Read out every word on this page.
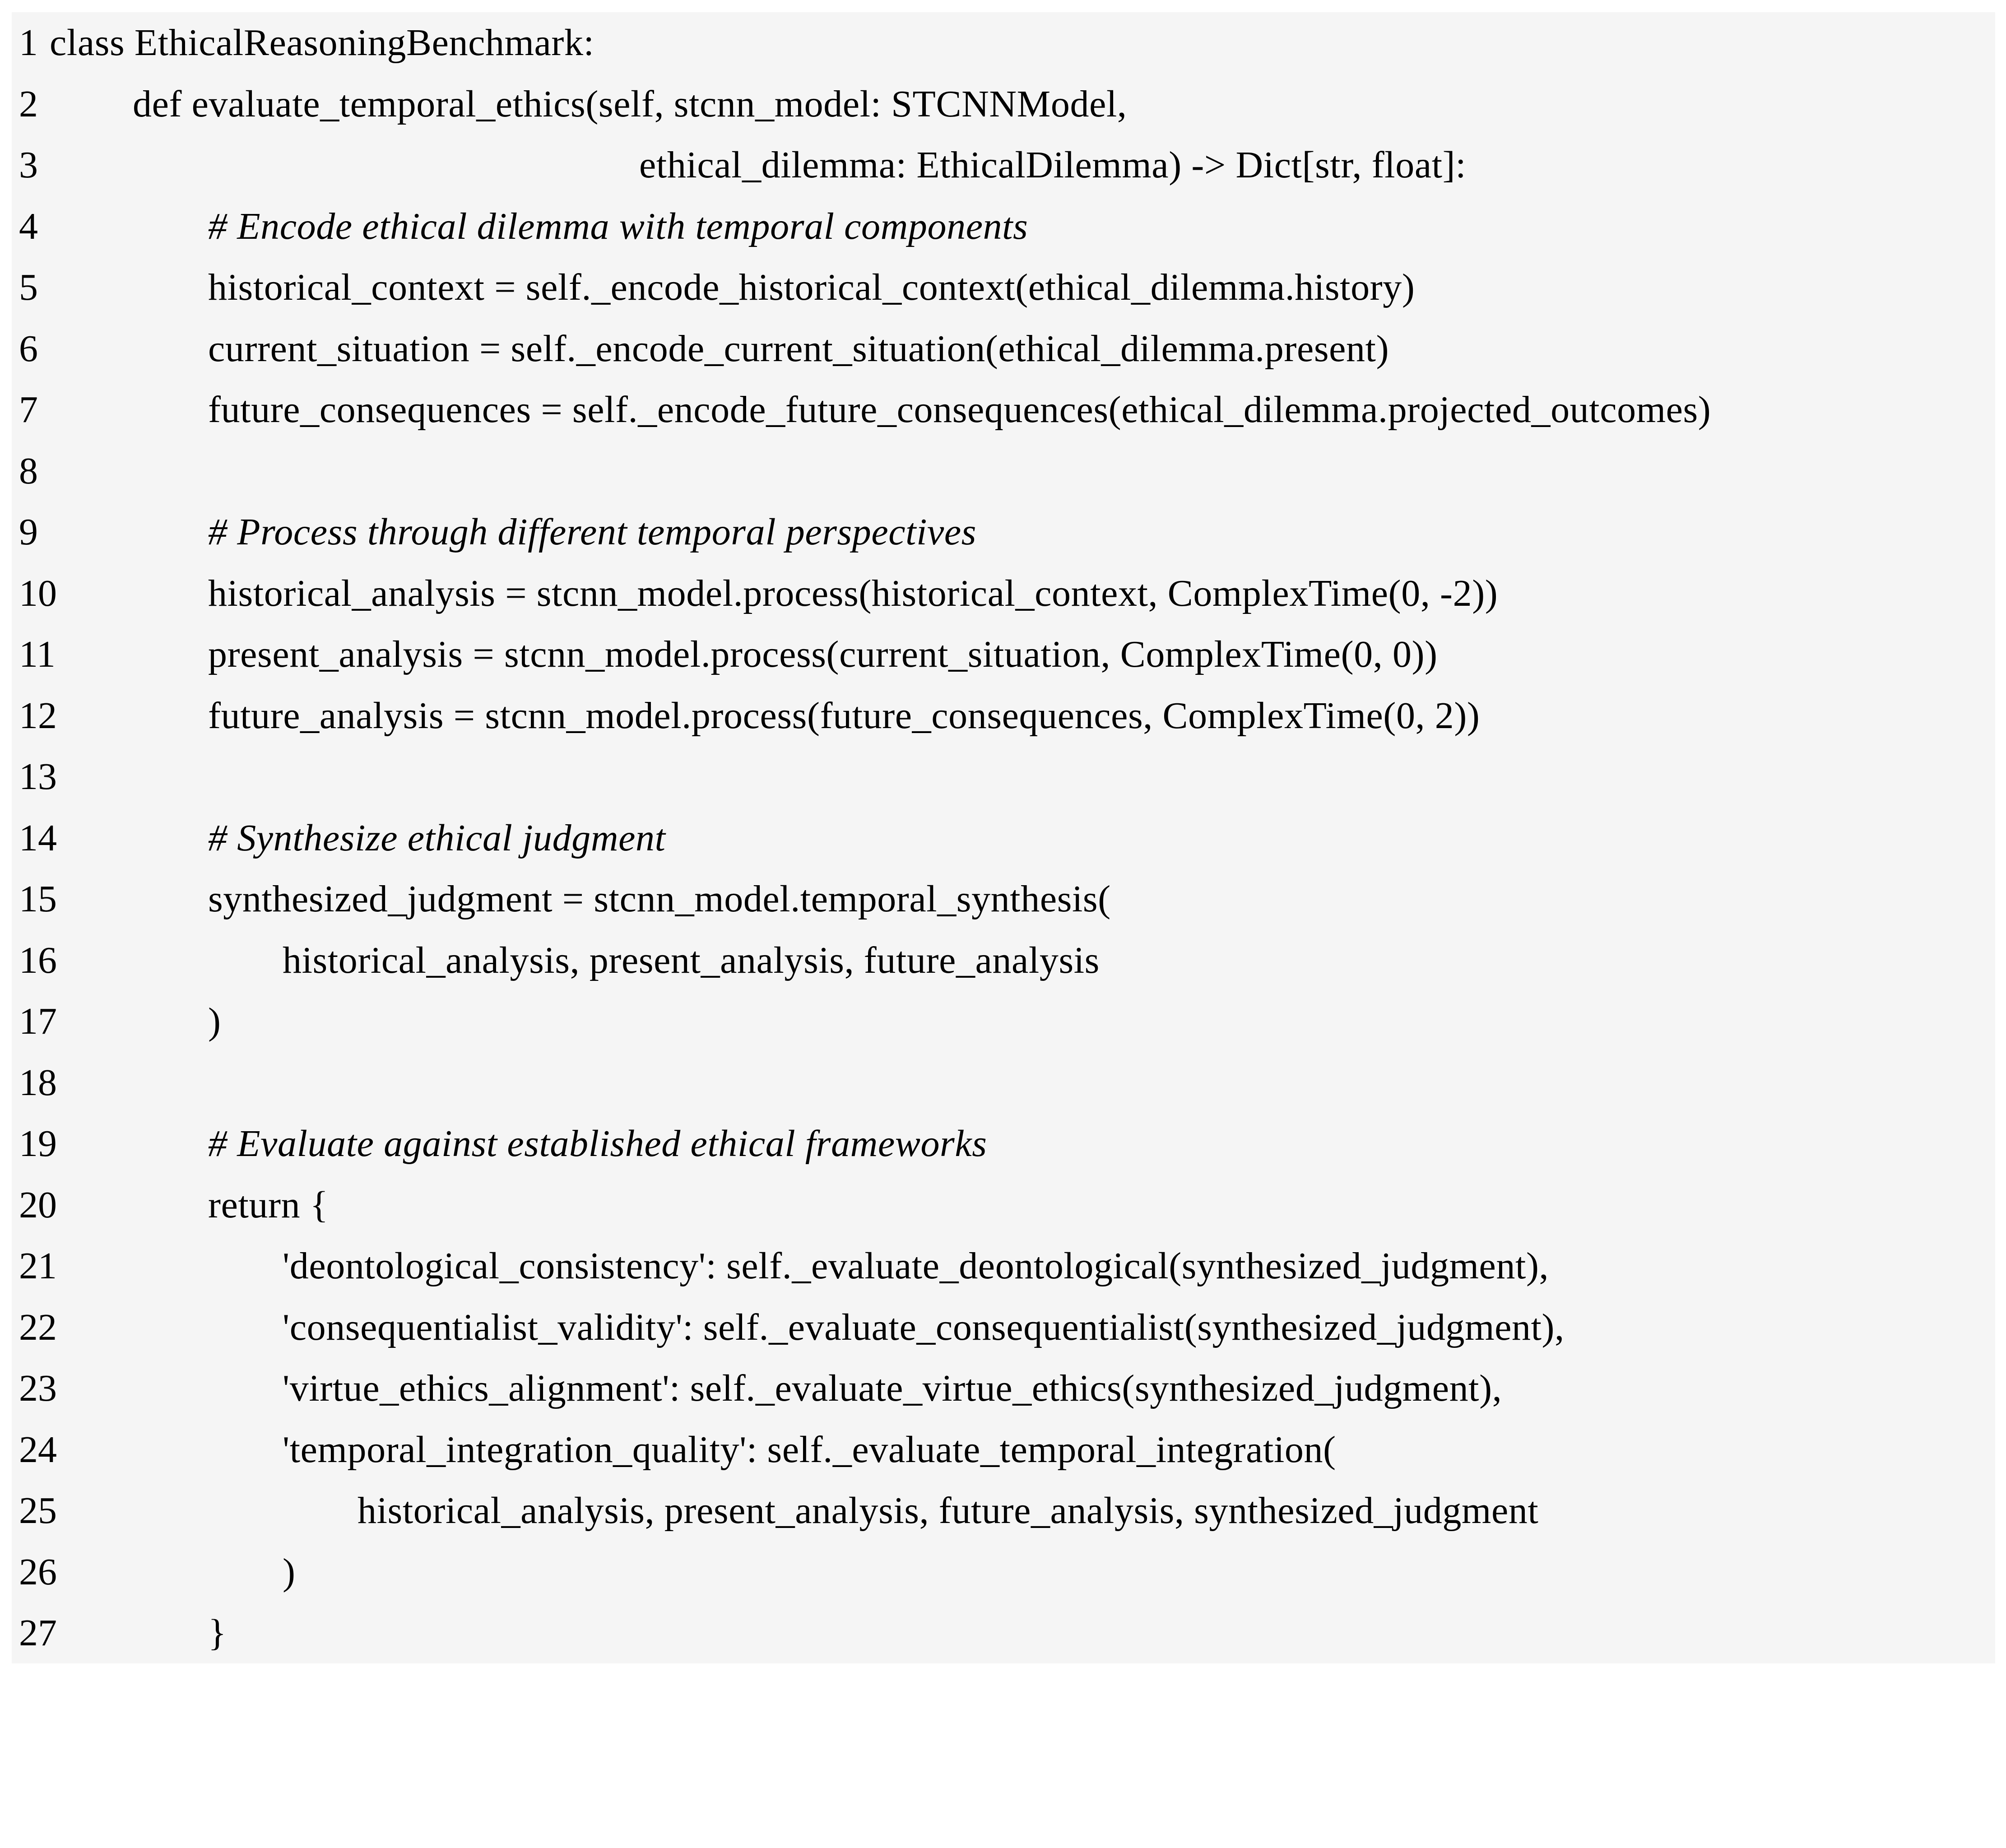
1

class EthicalReasoningBenchmark:

2

	def evaluate_temporal_ethics(self, stcnn_model: STCNNModel,

3

	ethical_dilemma: EthicalDilemma) -> Dict[str, float]:

4

	# Encode ethical dilemma with temporal components

5

	historical_context = self._encode_historical_context(ethical_dilemma.history)

6

	current_situation = self._encode_current_situation(ethical_dilemma.present)

7

	future_consequences = self._encode_future_consequences(ethical_dilemma.projected_outcomes)

8

9

	# Process through different temporal perspectives

10

	historical_analysis = stcnn_model.process(historical_context, ComplexTime(0, -2))

11

	present_analysis = stcnn_model.process(current_situation, ComplexTime(0, 0))

12

	future_analysis = stcnn_model.process(future_consequences, ComplexTime(0, 2))

13

14

	# Synthesize ethical judgment

15

	synthesized_judgment = stcnn_model.temporal_synthesis(

16

	historical_analysis, present_analysis, future_analysis

17

	)

18

19

	# Evaluate against established ethical frameworks

20

	return {

21

	'deontological_consistency': self._evaluate_deontological(synthesized_judgment),

22

	'consequentialist_validity': self._evaluate_consequentialist(synthesized_judgment),

23

	'virtue_ethics_alignment': self._evaluate_virtue_ethics(synthesized_judgment),

24

	'temporal_integration_quality': self._evaluate_temporal_integration(

25

	historical_analysis, present_analysis, future_analysis, synthesized_judgment

26

	)

27

	}
